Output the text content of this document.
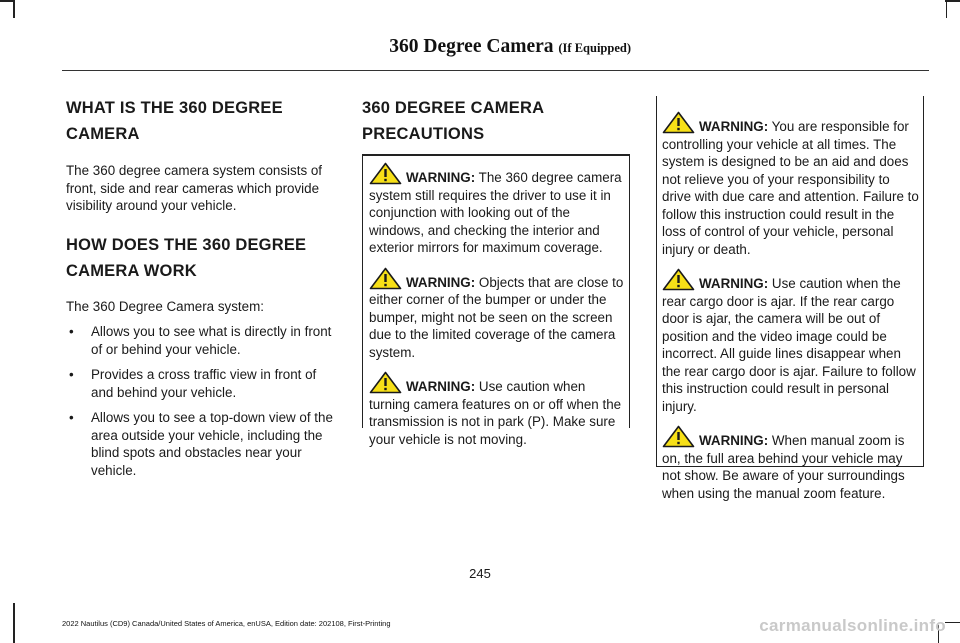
360 Degree Camera (If Equipped)
WHAT IS THE 360 DEGREE
CAMERA

The 360 degree camera system consists of front, side and rear cameras which provide visibility around your vehicle.

HOW DOES THE 360 DEGREE
CAMERA WORK

The 360 Degree Camera system:

• Allows you to see what is directly in front of or behind your vehicle.
• Provides a cross traffic view in front of and behind your vehicle.
• Allows you to see a top-down view of the area outside your vehicle, including the blind spots and obstacles near your vehicle.
360 DEGREE CAMERA
PRECAUTIONS

WARNING: The 360 degree camera system still requires the driver to use it in conjunction with looking out of the windows, and checking the interior and exterior mirrors for maximum coverage.

WARNING: Objects that are close to either corner of the bumper or under the bumper, might not be seen on the screen due to the limited coverage of the camera system.

WARNING: Use caution when turning camera features on or off when the transmission is not in park (P). Make sure your vehicle is not moving.

WARNING: You are responsible for controlling your vehicle at all times. The system is designed to be an aid and does not relieve you of your responsibility to drive with due care and attention. Failure to follow this instruction could result in the loss of control of your vehicle, personal injury or death.

WARNING: Use caution when the rear cargo door is ajar. If the rear cargo door is ajar, the camera will be out of position and the video image could be incorrect. All guide lines disappear when the rear cargo door is ajar. Failure to follow this instruction could result in personal injury.

WARNING: When manual zoom is on, the full area behind your vehicle may not show. Be aware of your surroundings when using the manual zoom feature.

245
2022 Nautilus (CD9) Canada/United States of America, enUSA, Edition date: 202108, First-Printing	carmanualsonline.info
